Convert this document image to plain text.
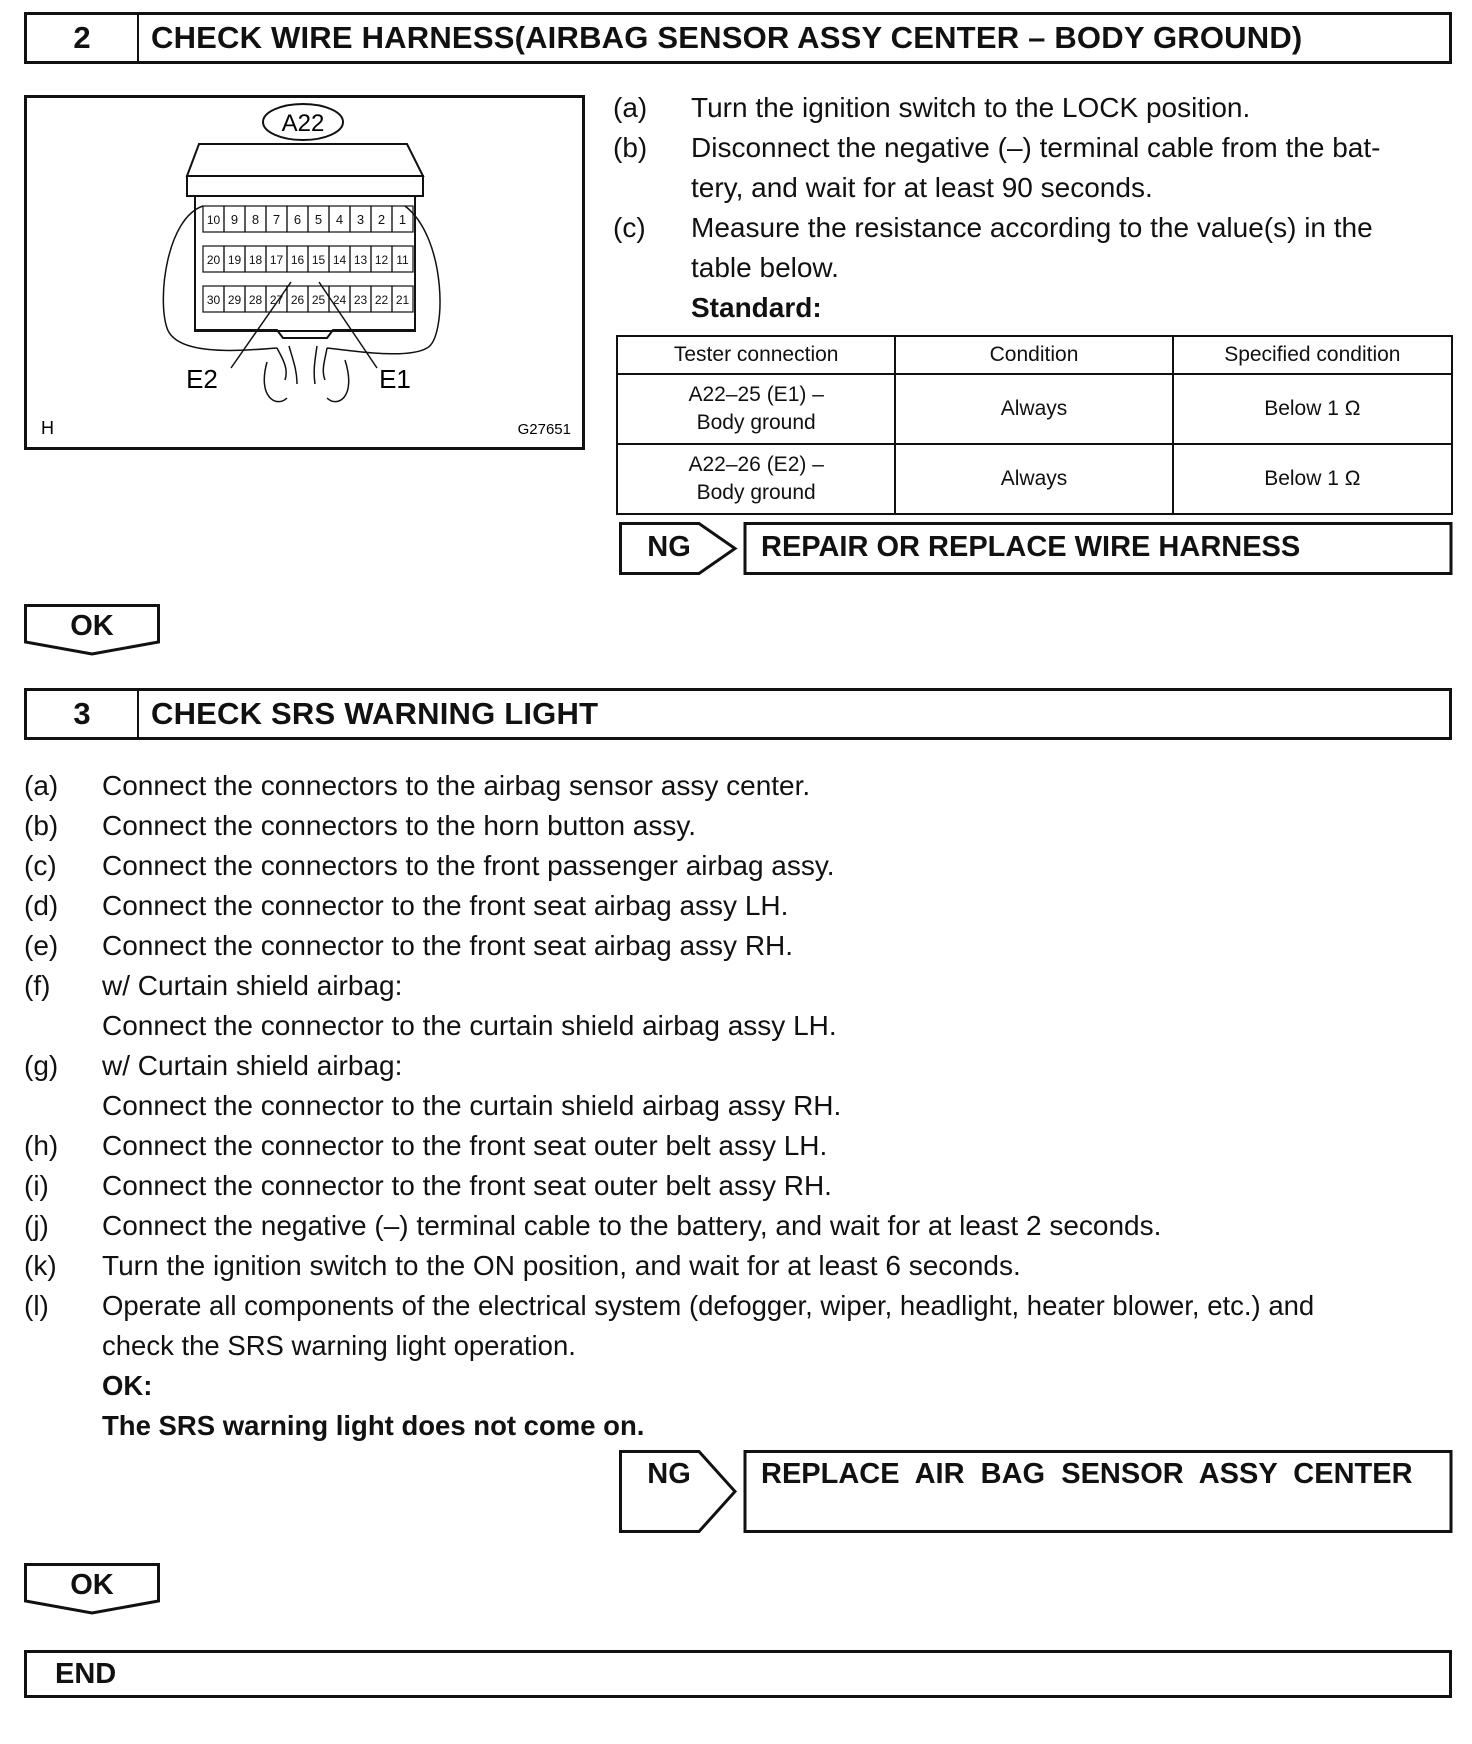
2	CHECK WIRE HARNESS(AIRBAG SENSOR ASSY CENTER – BODY GROUND)
A22
10 9 8 7 6 5 4 3 2 1
20 19 18 17 16 15 14 13 12 11
30 29 28 27 26 25 24 23 22 21
E2	E1
H	G27651
(a)	Turn the ignition switch to the LOCK position.
(b)	Disconnect the negative (–) terminal cable from the bat-
tery, and wait for at least 90 seconds.
(c)	Measure the resistance according to the value(s) in the
table below.
Standard:
Tester connection	Condition	Specified condition

A22–25 (E1) –
Body ground	Always	Below 1 Ω

A22–26 (E2) –
Body ground	Always	Below 1 Ω
NG	REPAIR OR REPLACE WIRE HARNESS
OK
3	CHECK SRS WARNING LIGHT
(a)	Connect the connectors to the airbag sensor assy center.
(b)	Connect the connectors to the horn button assy.
(c)	Connect the connectors to the front passenger airbag assy.
(d)	Connect the connector to the front seat airbag assy LH.
(e)	Connect the connector to the front seat airbag assy RH.
(f)	w/ Curtain shield airbag:
Connect the connector to the curtain shield airbag assy LH.
(g)	w/ Curtain shield airbag:
Connect the connector to the curtain shield airbag assy RH.
(h)	Connect the connector to the front seat outer belt assy LH.
(i)	Connect the connector to the front seat outer belt assy RH.
(j)	Connect the negative (–) terminal cable to the battery, and wait for at least 2 seconds.
(k)	Turn the ignition switch to the ON position, and wait for at least 6 seconds.
(l)	Operate all components of the electrical system (defogger, wiper, headlight, heater blower, etc.) and
check the SRS warning light operation.
OK:
The SRS warning light does not come on.
NG	REPLACE  AIR  BAG  SENSOR  ASSY  CENTER
OK
END
